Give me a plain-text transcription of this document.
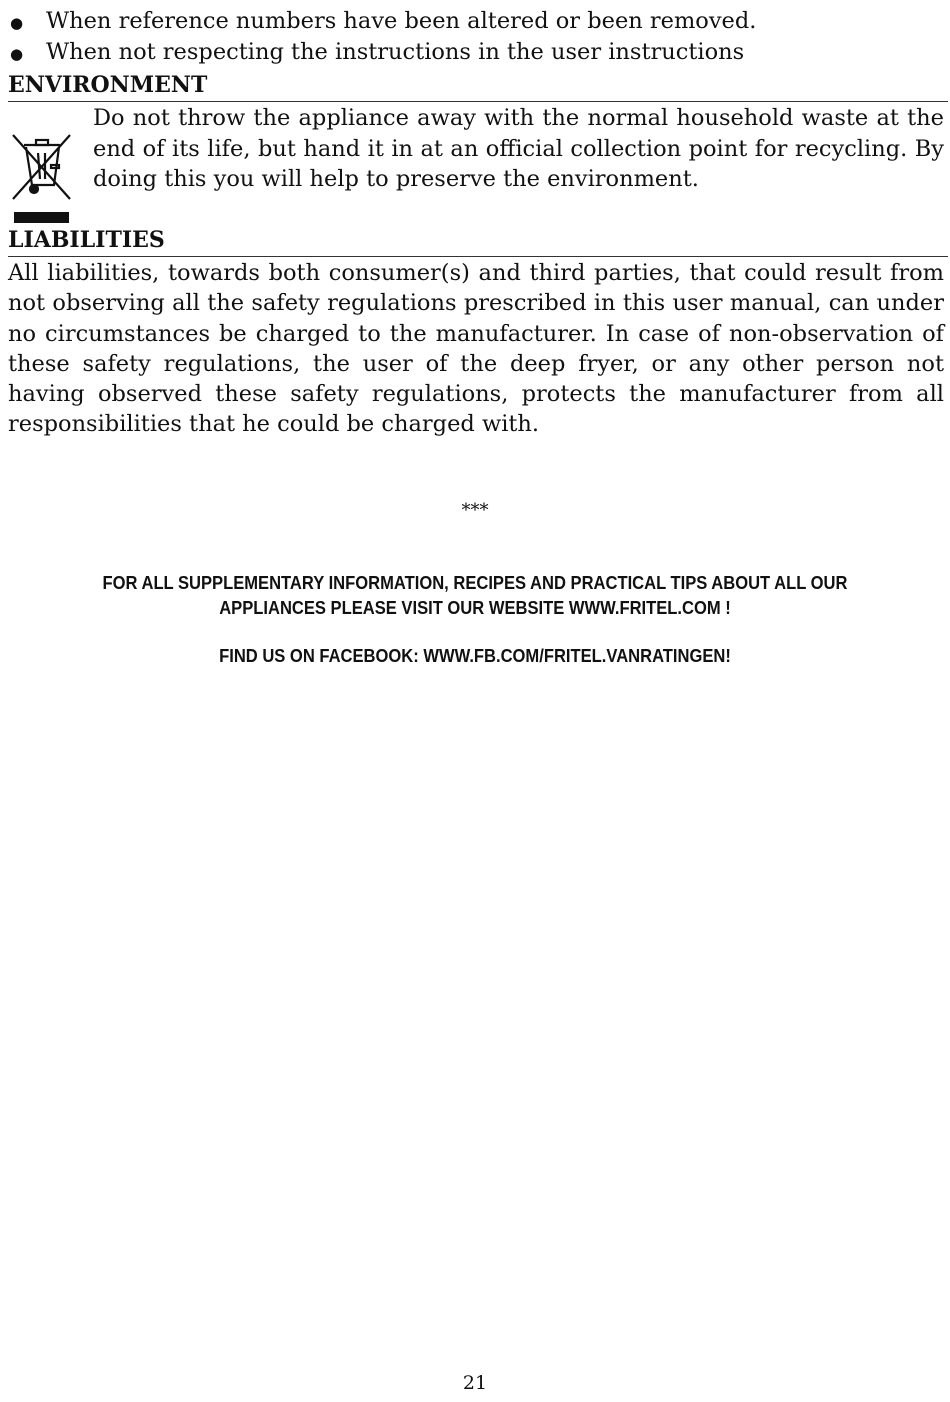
●	When reference numbers have been altered or been removed.
●	When not respecting the instructions in the user instructions
ENVIRONMENT
Do not throw the appliance away with the normal household waste at the end of its life, but hand it in at an official collection point for recycling. By doing this you will help to preserve the environment.
LIABILITIES
All liabilities, towards both consumer(s) and third parties, that could result from not observing all the safety regulations prescribed in this user manual, can under no circumstances be charged to the manufacturer. In case of non-observation of these safety regulations, the user of the deep fryer, or any other person not having observed these safety regulations, protects the manufacturer from all responsibilities that he could be charged with.
***
FOR ALL SUPPLEMENTARY INFORMATION, RECIPES AND PRACTICAL TIPS ABOUT ALL OUR
APPLIANCES PLEASE VISIT OUR WEBSITE WWW.FRITEL.COM !
FIND US ON FACEBOOK: WWW.FB.COM/FRITEL.VANRATINGEN!
21
